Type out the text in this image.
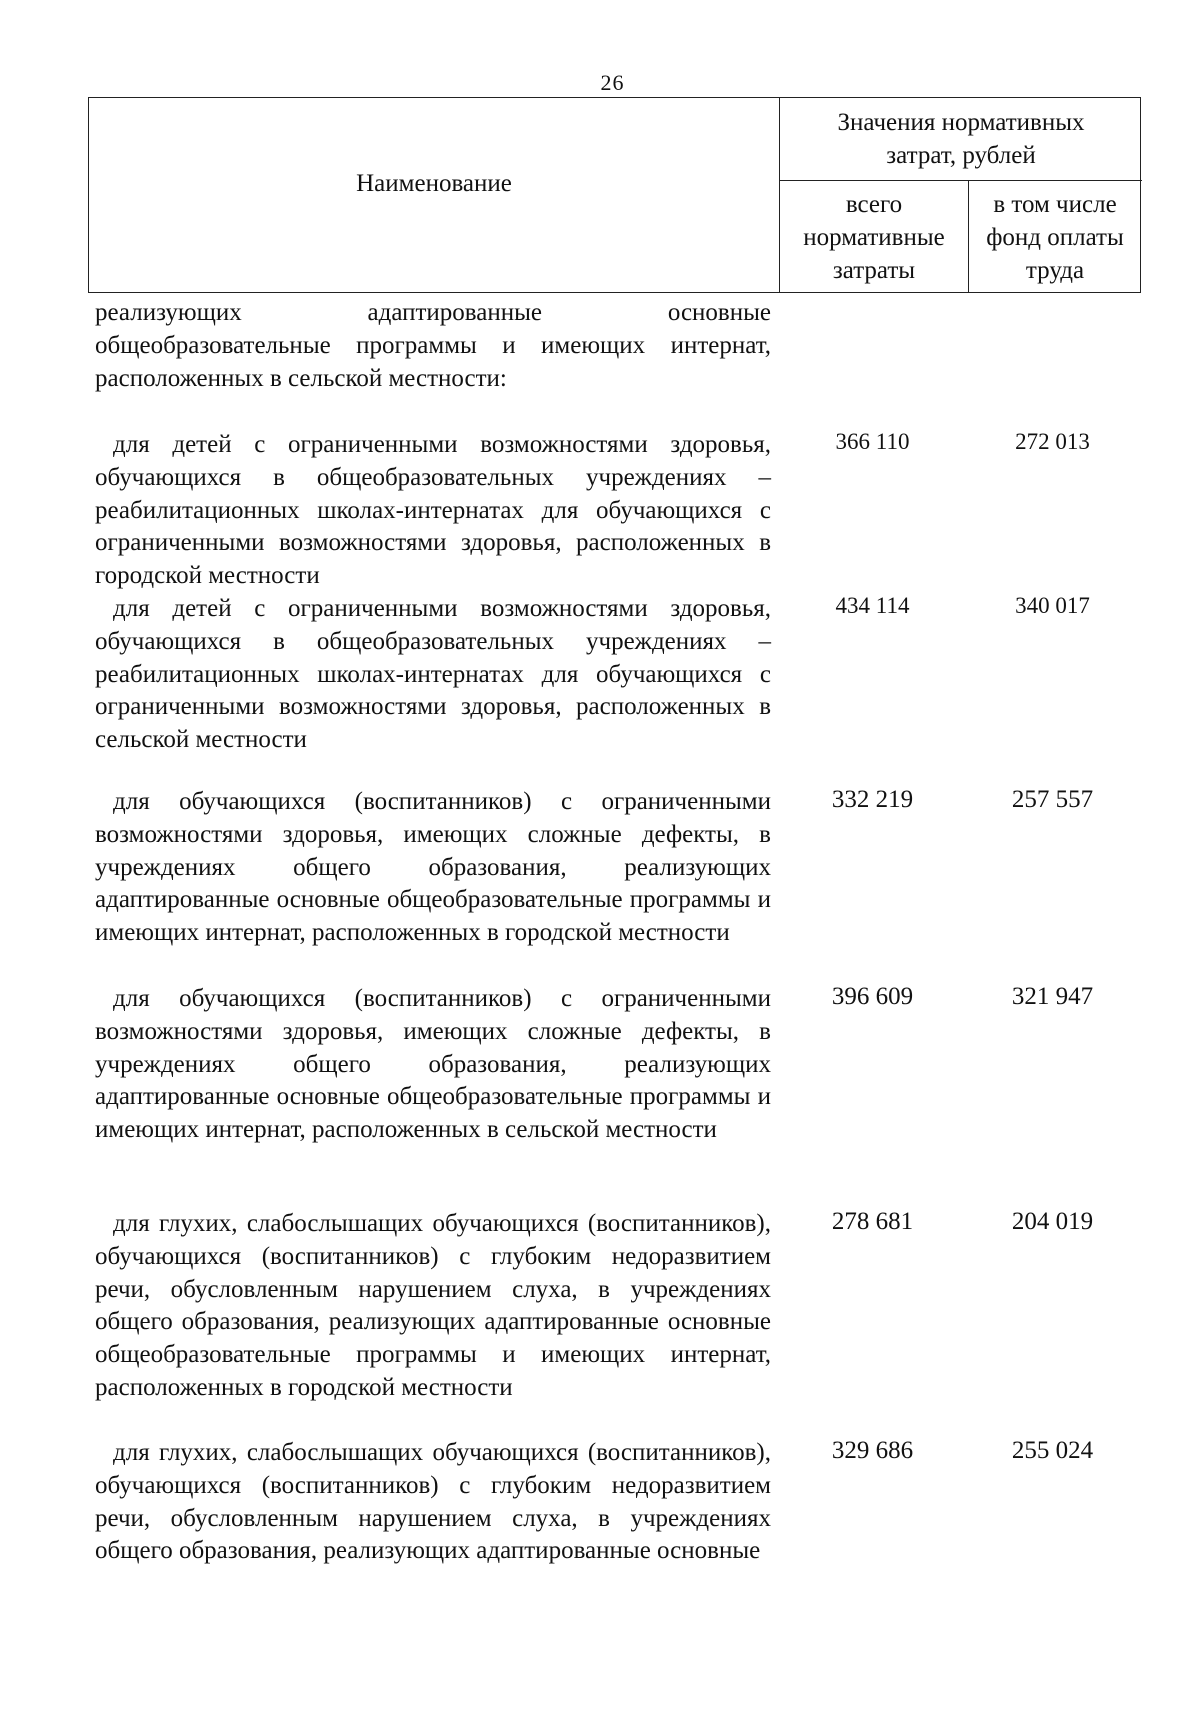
26
Наименование
Значения нормативных затрат, рублей
всего нормативные затраты
в том числе фонд оплаты труда

реализующих адаптированные основные общеобразовательные программы и имеющих интернат, расположенных в сельской местности:

для детей с ограниченными возможностями здоровья, обучающихся в общеобразовательных учреждениях – реабилитационных школах-интернатах для обучающихся с ограниченными возможностями здоровья, расположенных в городской местности

366 110	272 013

для детей с ограниченными возможностями здоровья, обучающихся в общеобразовательных учреждениях – реабилитационных школах-интернатах для обучающихся с ограниченными возможностями здоровья, расположенных в сельской местности

434 114	340 017

для обучающихся (воспитанников) с ограниченными возможностями здоровья, имеющих сложные дефекты, в учреждениях общего образования, реализующих адаптированные основные общеобразовательные программы и имеющих интернат, расположенных в городской местности

332 219	257 557

для обучающихся (воспитанников) с ограниченными возможностями здоровья, имеющих сложные дефекты, в учреждениях общего образования, реализующих адаптированные основные общеобразовательные программы и имеющих интернат, расположенных в сельской местности

396 609	321 947

для глухих, слабослышащих обучающихся (воспитанников), обучающихся (воспитанников) с глубоким недоразвитием речи, обусловленным нарушением слуха, в учреждениях общего образования, реализующих адаптированные основные общеобразовательные программы и имеющих интернат, расположенных в городской местности

278 681	204 019

для глухих, слабослышащих обучающихся (воспитанников), обучающихся (воспитанников) с глубоким недоразвитием речи, обусловленным нарушением слуха, в учреждениях общего образования, реализующих адаптированные основные

329 686	255 024
